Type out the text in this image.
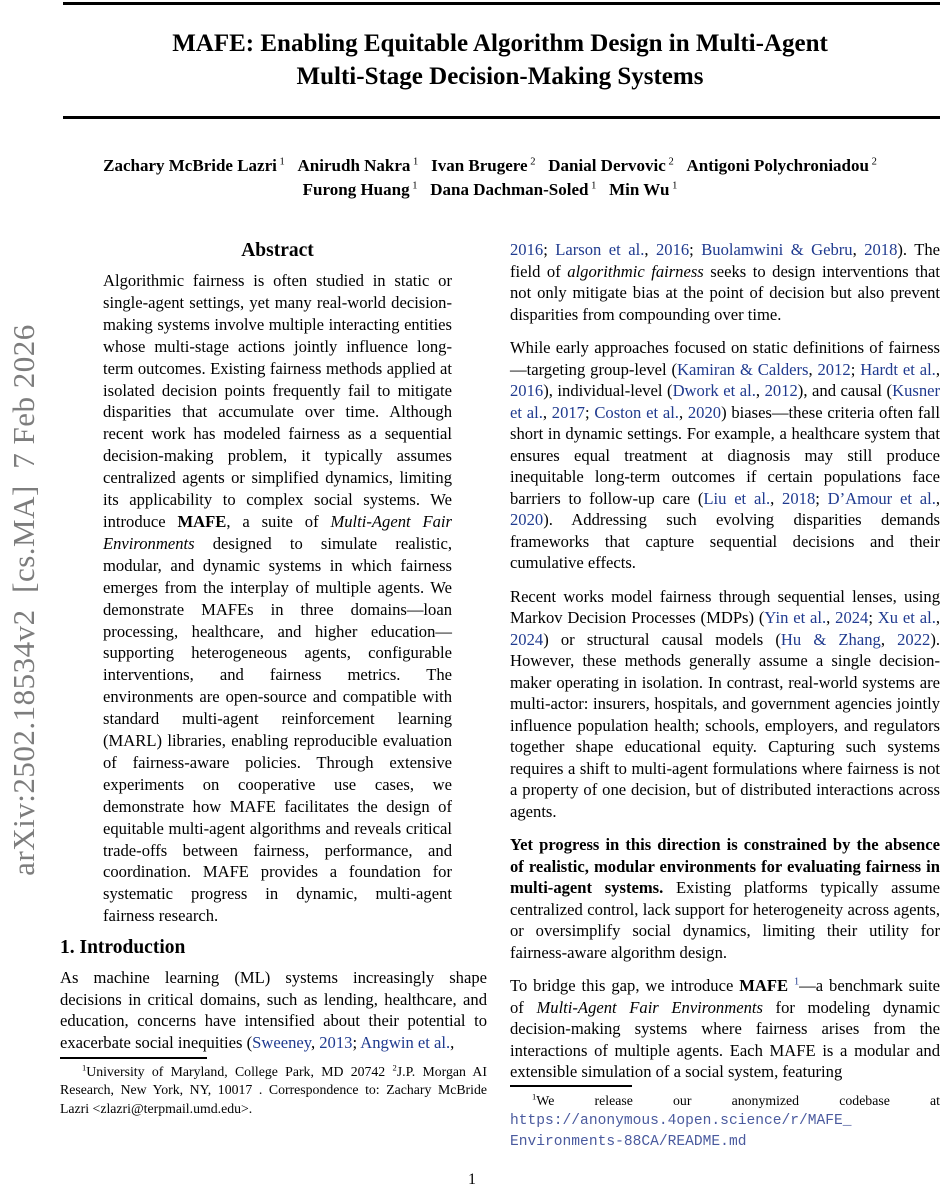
arXiv:2502.18534v2  [cs.MA]  7 Feb 2026
MAFE: Enabling Equitable Algorithm Design in Multi-Agent
Multi-Stage Decision-Making Systems
Zachary McBride Lazri $^1$ Anirudh Nakra $^1$ Ivan Brugere $^2$ Danial Dervovic $^2$ Antigoni Polychroniadou $^2$
Furong Huang $^1$ Dana Dachman-Soled $^1$ Min Wu $^1$
Abstract
Algorithmic fairness is often studied in static or single-agent settings, yet many real-world decision-making systems involve multiple interacting entities whose multi-stage actions jointly influence long-term outcomes. Existing fairness methods applied at isolated decision points frequently fail to mitigate disparities that accumulate over time. Although recent work has modeled fairness as a sequential decision-making problem, it typically assumes centralized agents or simplified dynamics, limiting its applicability to complex social systems. We introduce MAFE, a suite of Multi-Agent Fair Environments designed to simulate realistic, modular, and dynamic systems in which fairness emerges from the interplay of multiple agents. We demonstrate MAFEs in three domains—loan processing, healthcare, and higher education—supporting heterogeneous agents, configurable interventions, and fairness metrics. The environments are open-source and compatible with standard multi-agent reinforcement learning (MARL) libraries, enabling reproducible evaluation of fairness-aware policies. Through extensive experiments on cooperative use cases, we demonstrate how MAFE facilitates the design of equitable multi-agent algorithms and reveals critical trade-offs between fairness, performance, and coordination. MAFE provides a foundation for systematic progress in dynamic, multi-agent fairness research.
1. Introduction
As machine learning (ML) systems increasingly shape decisions in critical domains, such as lending, healthcare, and education, concerns have intensified about their potential to exacerbate social inequities (Sweeney, 2013; Angwin et al.,
$^1$University of Maryland, College Park, MD 20742 $^2$J.P. Morgan AI Research, New York, NY, 10017 . Correspondence to: Zachary McBride Lazri <zlazri@terpmail.umd.edu>.

2016; Larson et al., 2016; Buolamwini & Gebru, 2018). The field of algorithmic fairness seeks to design interventions that not only mitigate bias at the point of decision but also prevent disparities from compounding over time.

While early approaches focused on static definitions of fairness—targeting group-level (Kamiran & Calders, 2012; Hardt et al., 2016), individual-level (Dwork et al., 2012), and causal (Kusner et al., 2017; Coston et al., 2020) biases—these criteria often fall short in dynamic settings. For example, a healthcare system that ensures equal treatment at diagnosis may still produce inequitable long-term outcomes if certain populations face barriers to follow-up care (Liu et al., 2018; D’Amour et al., 2020). Addressing such evolving disparities demands frameworks that capture sequential decisions and their cumulative effects.

Recent works model fairness through sequential lenses, using Markov Decision Processes (MDPs) (Yin et al., 2024; Xu et al., 2024) or structural causal models (Hu & Zhang, 2022). However, these methods generally assume a single decision-maker operating in isolation. In contrast, real-world systems are multi-actor: insurers, hospitals, and government agencies jointly influence population health; schools, employers, and regulators together shape educational equity. Capturing such systems requires a shift to multi-agent formulations where fairness is not a property of one decision, but of distributed interactions across agents.

Yet progress in this direction is constrained by the absence of realistic, modular environments for evaluating fairness in multi-agent systems. Existing platforms typically assume centralized control, lack support for heterogeneity across agents, or oversimplify social dynamics, limiting their utility for fairness-aware algorithm design.

To bridge this gap, we introduce MAFE $^1$—a benchmark suite of Multi-Agent Fair Environments for modeling dynamic decision-making systems where fairness arises from the interactions of multiple agents. Each MAFE is a modular and extensible simulation of a social system, featuring

$^1$We release our anonymized codebase at
https://anonymous.4open.science/r/MAFE_
Environments-88CA/README.md
1
